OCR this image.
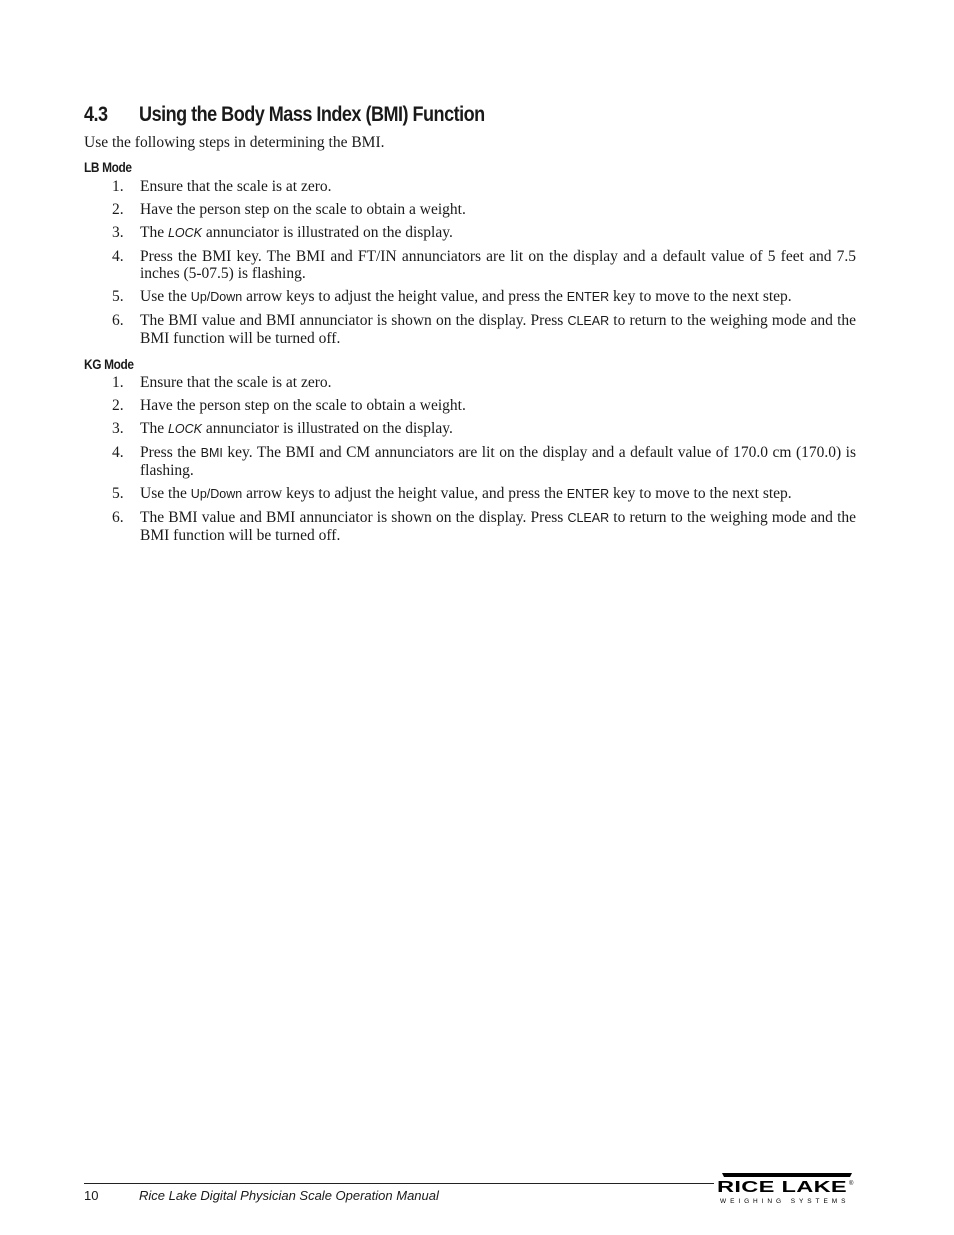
4.3 Using the Body Mass Index (BMI) Function

Use the following steps in determining the BMI.

LB Mode
1. Ensure that the scale is at zero.
2. Have the person step on the scale to obtain a weight.
3. The LOCK annunciator is illustrated on the display.
4. Press the BMI key. The BMI and FT/IN annunciators are lit on the display and a default value of 5 feet and 7.5 inches (5-07.5) is flashing.
5. Use the Up/Down arrow keys to adjust the height value, and press the ENTER key to move to the next step.
6. The BMI value and BMI annunciator is shown on the display. Press CLEAR to return to the weighing mode and the BMI function will be turned off.
KG Mode
1. Ensure that the scale is at zero.
2. Have the person step on the scale to obtain a weight.
3. The LOCK annunciator is illustrated on the display.
4. Press the BMI key. The BMI and CM annunciators are lit on the display and a default value of 170.0 cm (170.0) is flashing.
5. Use the Up/Down arrow keys to adjust the height value, and press the ENTER key to move to the next step.
6. The BMI value and BMI annunciator is shown on the display. Press CLEAR to return to the weighing mode and the BMI function will be turned off.
10	Rice Lake Digital Physician Scale Operation Manual	RICE LAKE ®
WEIGHING SYSTEMS
